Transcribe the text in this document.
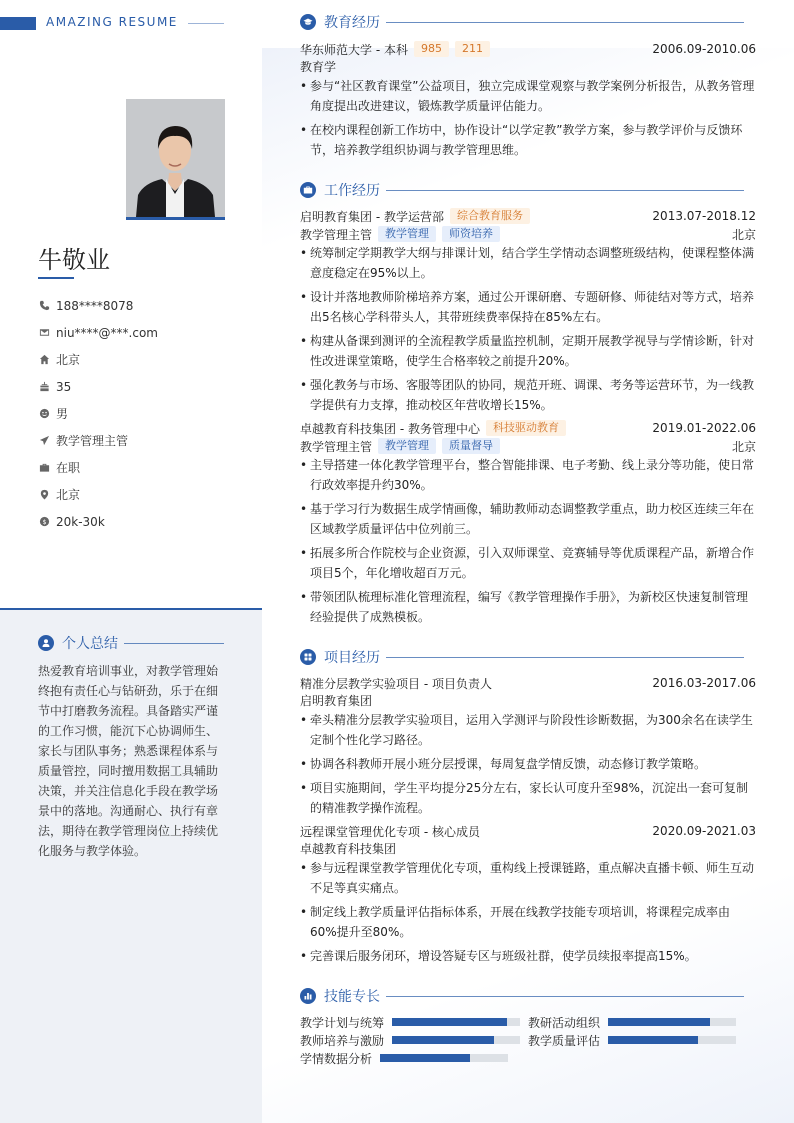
AMAZING RESUME
牛敬业
188****8078
niu****@***.com
北京
35
男
教学管理主管
在职
北京
$ 20k-30k
个人总结
热爱教育培训事业，对教学管理始终抱有责任心与钻研劲，乐于在细节中打磨教务流程。具备踏实严谨的工作习惯，能沉下心协调师生、家长与团队事务；熟悉课程体系与质量管控，同时擅用数据工具辅助决策，并关注信息化手段在教学场景中的落地。沟通耐心、执行有章法，期待在教学管理岗位上持续优化服务与教学体验。
教育经历
华东师范大学 - 本科	985	211	2006.09-2010.06
教育学
• 参与“社区教育课堂”公益项目，独立完成课堂观察与教学案例分析报告，从教务管理角度提出改进建议，锻炼教学质量评估能力。
• 在校内课程创新工作坊中，协作设计“以学定教”教学方案，参与教学评价与反馈环节，培养教学组织协调与教学管理思维。
工作经历
启明教育集团 - 教学运营部	综合教育服务	2013.07-2018.12
教学管理主管	教学管理	师资培养	北京
• 统筹制定学期教学大纲与排课计划，结合学生学情动态调整班级结构，使课程整体满意度稳定在95%以上。
• 设计并落地教师阶梯培养方案，通过公开课研磨、专题研修、师徒结对等方式，培养出5名核心学科带头人，其带班续费率保持在85%左右。
• 构建从备课到测评的全流程教学质量监控机制，定期开展教学视导与学情诊断，针对性改进课堂策略，使学生合格率较之前提升20%。
• 强化教务与市场、客服等团队的协同，规范开班、调课、考务等运营环节，为一线教学提供有力支撑，推动校区年营收增长15%。
卓越教育科技集团 - 教务管理中心	科技驱动教育	2019.01-2022.06
教学管理主管	教学管理	质量督导	北京
• 主导搭建一体化教学管理平台，整合智能排课、电子考勤、线上录分等功能，使日常行政效率提升约30%。
• 基于学习行为数据生成学情画像，辅助教师动态调整教学重点，助力校区连续三年在区域教学质量评估中位列前三。
• 拓展多所合作院校与企业资源，引入双师课堂、竞赛辅导等优质课程产品，新增合作项目5个，年化增收超百万元。
• 带领团队梳理标准化管理流程，编写《教学管理操作手册》，为新校区快速复制管理经验提供了成熟模板。
项目经历
精准分层教学实验项目 - 项目负责人	2016.03-2017.06
启明教育集团
• 牵头精准分层教学实验项目，运用入学测评与阶段性诊断数据，为300余名在读学生定制个性化学习路径。
• 协调各科教师开展小班分层授课，每周复盘学情反馈，动态修订教学策略。
• 项目实施期间，学生平均提分25分左右，家长认可度升至98%，沉淀出一套可复制的精准教学操作流程。
远程课堂管理优化专项 - 核心成员	2020.09-2021.03
卓越教育科技集团
• 参与远程课堂教学管理优化专项，重构线上授课链路，重点解决直播卡顿、师生互动不足等真实痛点。
• 制定线上教学质量评估指标体系，开展在线教学技能专项培训，将课程完成率由60%提升至80%。
• 完善课后服务闭环，增设答疑专区与班级社群，使学员续报率提高15%。
技能专长
教学计划与统筹	教研活动组织
教师培养与激励	教学质量评估
学情数据分析
